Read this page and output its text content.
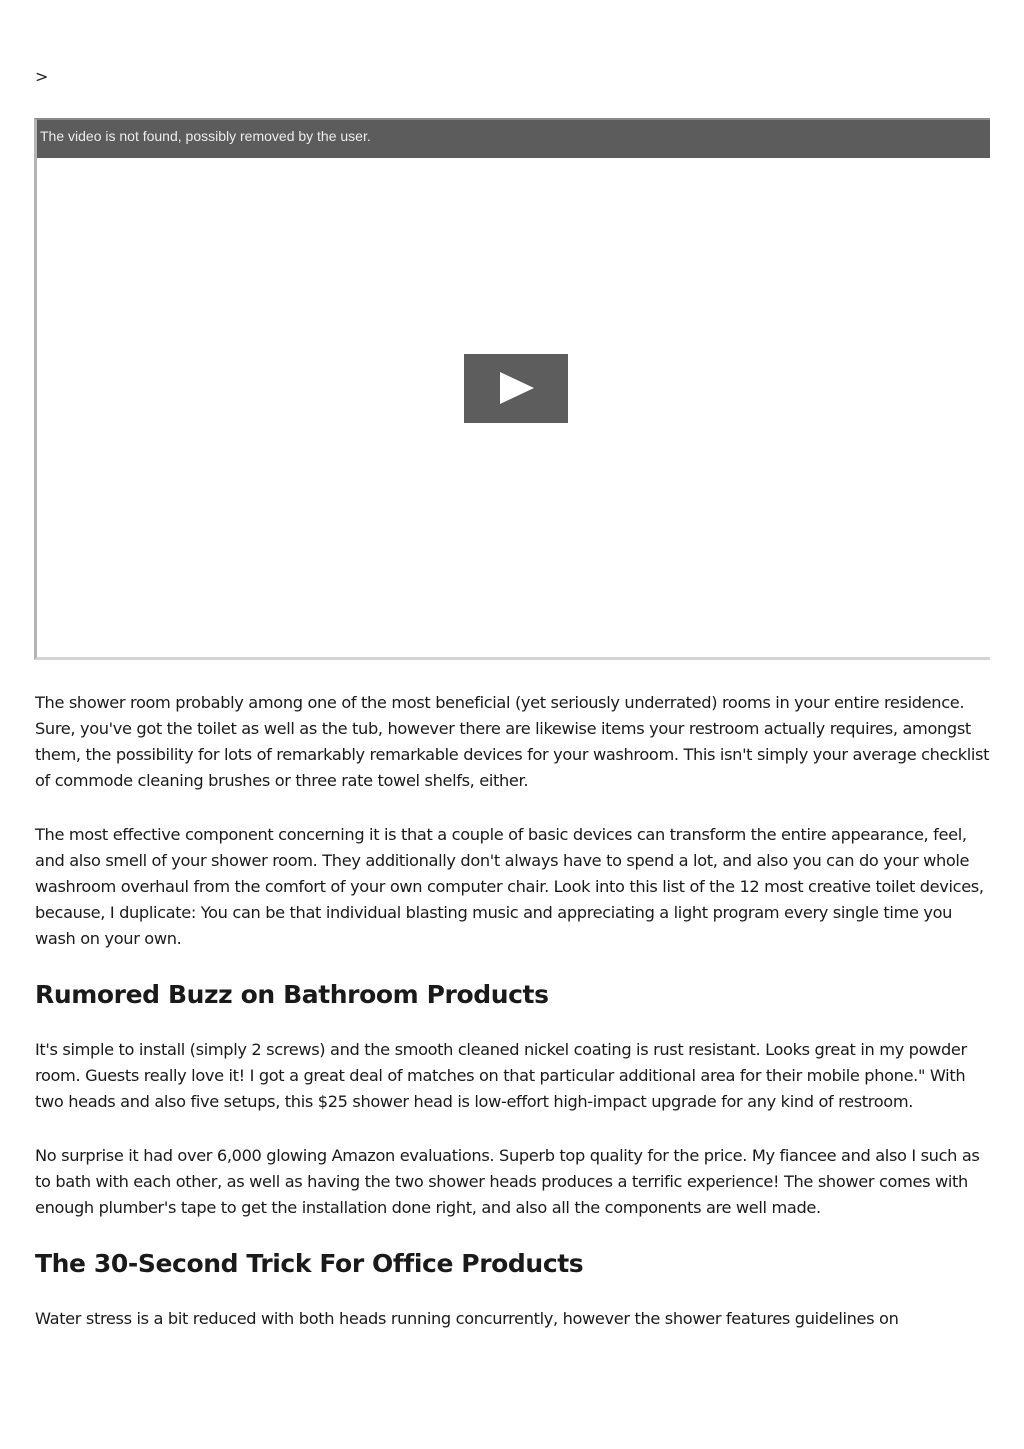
>
The video is not found, possibly removed by the user.

The shower room probably among one of the most beneficial (yet seriously underrated) rooms in your entire residence. Sure, you've got the toilet as well as the tub, however there are likewise items your restroom actually requires, amongst them, the possibility for lots of remarkably remarkable devices for your washroom. This isn't simply your average checklist of commode cleaning brushes or three rate towel shelfs, either.

The most effective component concerning it is that a couple of basic devices can transform the entire appearance, feel, and also smell of your shower room. They additionally don't always have to spend a lot, and also you can do your whole washroom overhaul from the comfort of your own computer chair. Look into this list of the 12 most creative toilet devices, because, I duplicate: You can be that individual blasting music and appreciating a light program every single time you wash on your own.

Rumored Buzz on Bathroom Products

It's simple to install (simply 2 screws) and the smooth cleaned nickel coating is rust resistant. Looks great in my powder room. Guests really love it! I got a great deal of matches on that particular additional area for their mobile phone." With two heads and also five setups, this $25 shower head is low-effort high-impact upgrade for any kind of restroom.

No surprise it had over 6,000 glowing Amazon evaluations. Superb top quality for the price. My fiancee and also I such as to bath with each other, as well as having the two shower heads produces a terrific experience! The shower comes with enough plumber's tape to get the installation done right, and also all the components are well made.

The 30-Second Trick For Office Products

Water stress is a bit reduced with both heads running concurrently, however the shower features guidelines on
